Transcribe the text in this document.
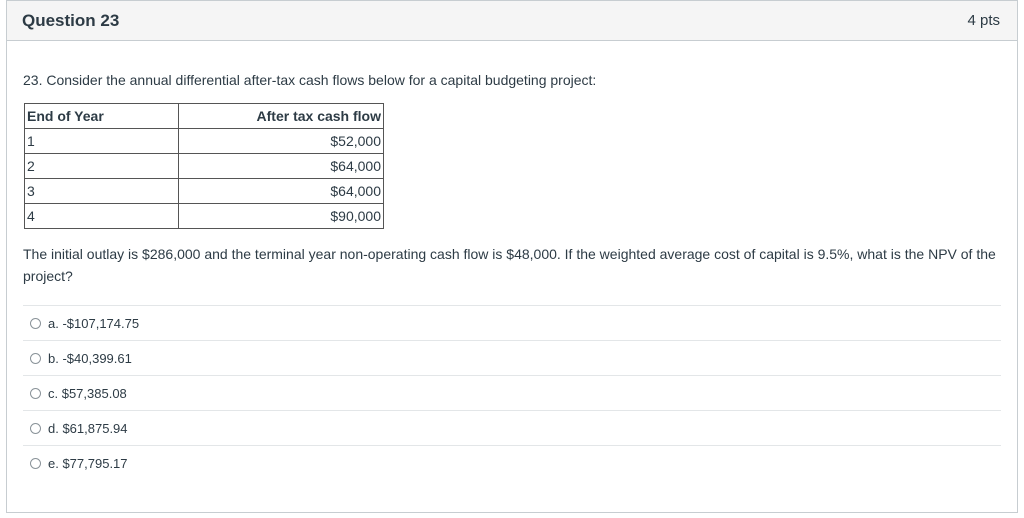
Question 23	4 pts
23. Consider the annual differential after-tax cash flows below for a capital budgeting project:
End of Year	After tax cash flow
1	$52,000
2	$64,000
3	$64,000
4	$90,000
The initial outlay is $286,000 and the terminal year non-operating cash flow is $48,000. If the weighted average cost of capital is 9.5%, what is the NPV of the project?
a. -$107,174.75
b. -$40,399.61
c. $57,385.08
d. $61,875.94
e. $77,795.17
